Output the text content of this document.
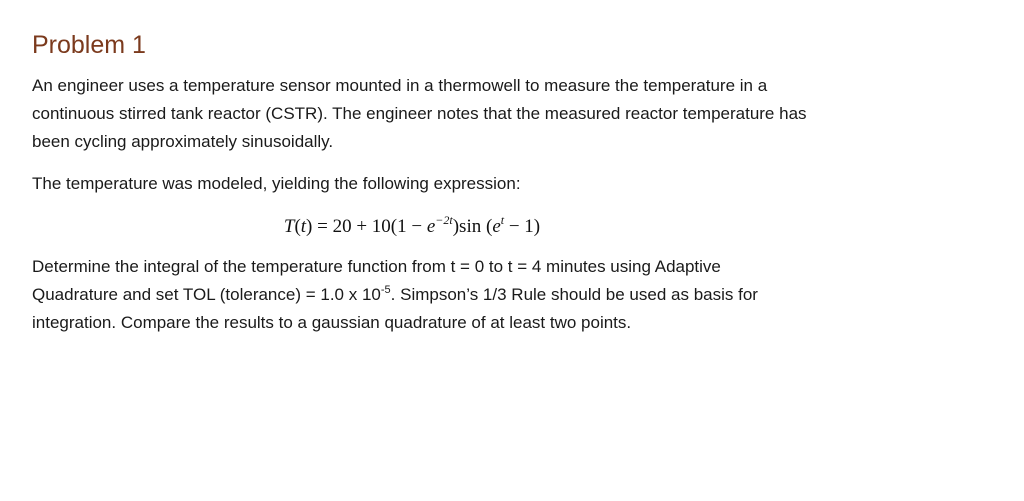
Problem 1
An engineer uses a temperature sensor mounted in a thermowell to measure the temperature in a
continuous stirred tank reactor (CSTR). The engineer notes that the measured reactor temperature has
been cycling approximately sinusoidally.
The temperature was modeled, yielding the following expression:
$T(t) = 20 + 10(1 - e^{-2t})\sin$ $(e^t - 1)$
Determine the integral of the temperature function from t = 0 to t = 4 minutes using Adaptive
Quadrature and set TOL (tolerance) = 1.0 x $10^{-5}$. Simpson’s 1/3 Rule should be used as basis for
integration. Compare the results to a gaussian quadrature of at least two points.
